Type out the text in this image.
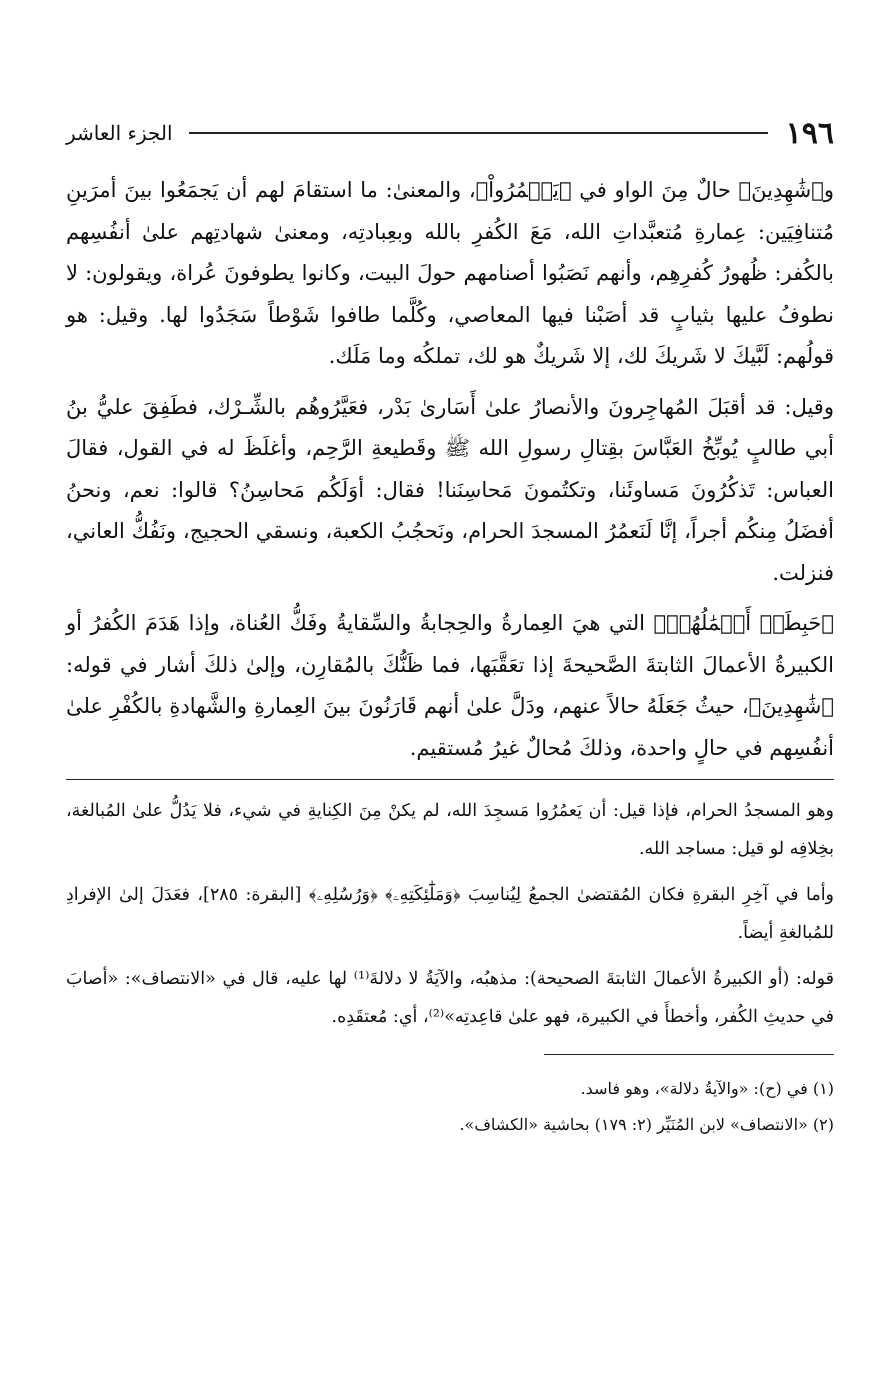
١٩٦
الجزء العاشر

و﴿شَٰهِدِينَ﴾ حالٌ مِنَ الواو في ﴿يَعۡمُرُواْ﴾، والمعنىٰ: ما استقامَ لهم أن يَجمَعُوا بينَ أمرَينِ مُتنافِيَين: عِمارةِ مُتعبَّداتِ الله، مَعَ الكُفرِ بالله وبعِبادتِه، ومعنىٰ شهادتِهم علىٰ أنفُسِهم بالكُفر: ظُهورُ كُفرِهِم، وأنهم نَصَبُوا أصنامهم حولَ البيت، وكانوا يطوفونَ عُراة، ويقولون: لا نطوفُ عليها بثيابٍ قد أصَبْنا فيها المعاصي، وكُلَّما طافوا شَوْطاً سَجَدُوا لها. وقيل: هو قولُهم: لَبَّيكَ لا شَريكَ لك، إلا شَريكٌ هو لك، تملكُه وما مَلَك.

وقيل: قد أقبَلَ المُهاجِرونَ والأنصارُ علىٰ أَسَارىٰ بَدْر، فعَيَّرُوهُم بالشِّـرْك، فطَفِقَ عليُّ بنُ أبي طالبٍ يُوبِّخُ العَبَّاسَ بقِتالِ رسولِ الله ﷺ وقَطيعةِ الرَّحِم، وأغلَظَ له في القول، فقالَ العباس: تَذكُرُونَ مَساوئَنا، وتكتُمونَ مَحاسِنَنا! فقال: أوَلَكُم مَحاسِنُ؟ قالوا: نعم، ونحنُ أفضَلُ مِنكُم أجراً، إنَّا لَنَعمُرُ المسجدَ الحرام، ونَحجُبُ الكعبة، ونسقي الحجيج، ونَفُكُّ العاني، فنزلت.

﴿حَبِطَتۡ أَعۡمَٰلُهُمۡ﴾ التي هيَ العِمارةُ والحِجابةُ والسِّقايةُ وفَكُّ العُناة، وإذا هَدَمَ الكُفرُ أو الكبيرةُ الأعمالَ الثابتةَ الصَّحيحةَ إذا تعَقَّبَها، فما ظَنُّكَ بالمُقارِن، وإلىٰ ذلكَ أشار في قوله: ﴿شَٰهِدِينَ﴾، حيثُ جَعَلَهُ حالاً عنهم، ودَلَّ علىٰ أنهم قَارَنُونَ بينَ العِمارةِ والشَّهادةِ بالكُفْرِ علىٰ أنفُسِهم في حالٍ واحدة، وذلكَ مُحالٌ غيرُ مُستقيم.

وهو المسجدُ الحرام، فإذا قيل: أن يَعمُرُوا مَسجِدَ الله، لم يكنْ مِنَ الكِنايةِ في شيء، فلا يَدُلُّ علىٰ المُبالغة، بخِلافِه لو قيل: مساجد الله.

وأما في آخِرِ البقرةِ فكان المُقتضىٰ الجمعُ لِيُناسِبَ ﴿وَمَلَٰٓئِكَتِهِۦ﴾ ﴿وَرُسُلِهِۦ﴾ [البقرة: ٢٨٥]، فعَدَلَ إلىٰ الإفرادِ للمُبالغةِ أيضاً.

قوله: (أو الكبيرةُ الأعمالَ الثابتةَ الصحيحة): مذهبُه، والآيَةُ لا دلالةَ⁽¹⁾ لها عليه، قال في «الانتصاف»: «أصابَ في حديثِ الكُفر، وأخطأَ في الكبيرة، فهو علىٰ قاعِدتِه»⁽²⁾، أي: مُعتقَدِه.

(١) في (ح): «والآيةُ دلالة»، وهو فاسد.

(٢) «الانتصاف» لابن المُنَيِّر (٢: ١٧٩) بحاشية «الكشاف».
